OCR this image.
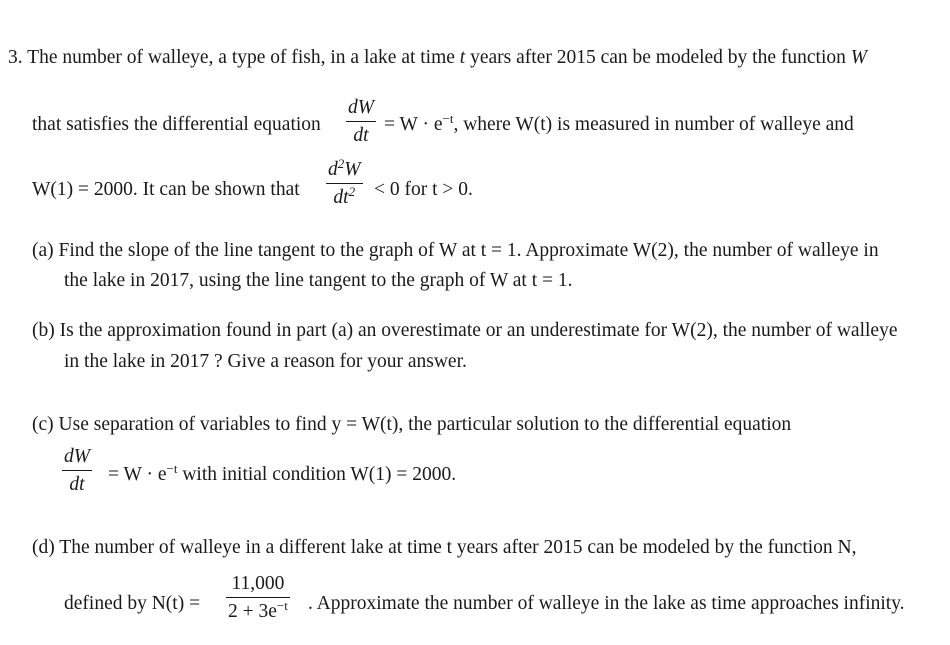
3. The number of walleye, a type of fish, in a lake at time t years after 2015 can be modeled by the function W
that satisfies the differential equation
dW
dt = $W \cdot e^{-t}$, where W(t) is measured in number of walleye and
W(1) = 2000. It can be shown that
$d^2W$
$dt^2 < 0$ for t > 0.
(a) Find the slope of the line tangent to the graph of W at t = 1. Approximate W(2), the number of walleye in
the lake in 2017, using the line tangent to the graph of W at t = 1.
(b) Is the approximation found in part (a) an overestimate or an underestimate for W(2), the number of walleye
in the lake in 2017 ? Give a reason for your answer.
(c) Use separation of variables to find y = W(t), the particular solution to the differential equation
dW
dt	= $W \cdot e^{-t}$ with initial condition W(1) = 2000.
(d) The number of walleye in a different lake at time t years after 2015 can be modeled by the function N,
defined by N(t) =
11,000
$2 + 3e^{-t}$ . Approximate the number of walleye in the lake as time approaches infinity.
